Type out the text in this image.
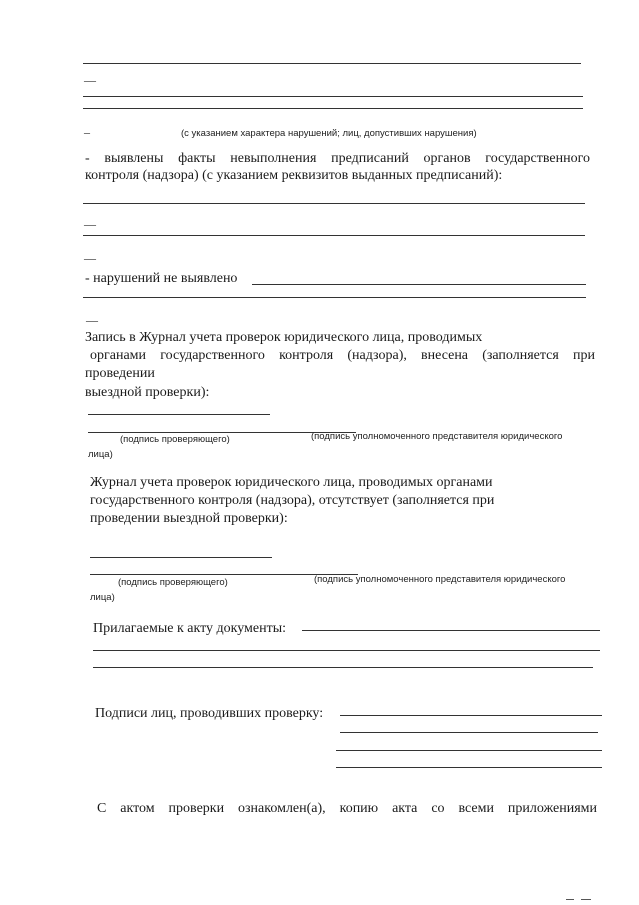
—
–	(с указанием характера нарушений; лиц, допустивших нарушения)
- выявлены факты невыполнения предписаний органов государственного
контроля (надзора) (с указанием реквизитов выданных предписаний):
—
—
- нарушений не выявлено
—
Запись в Журнал учета проверок юридического лица, проводимых
органами государственного контроля (надзора), внесена (заполняется при
проведении
выездной проверки):
(подпись проверяющего)	(подпись уполномоченного представителя юридического
лица)
Журнал учета проверок юридического лица, проводимых органами
государственного контроля (надзора), отсутствует (заполняется при
проведении выездной проверки):
(подпись проверяющего)	(подпись уполномоченного представителя юридического
лица)
Прилагаемые к акту документы:
Подписи лиц, проводивших проверку:
С актом проверки ознакомлен(а), копию акта со всеми приложениями
